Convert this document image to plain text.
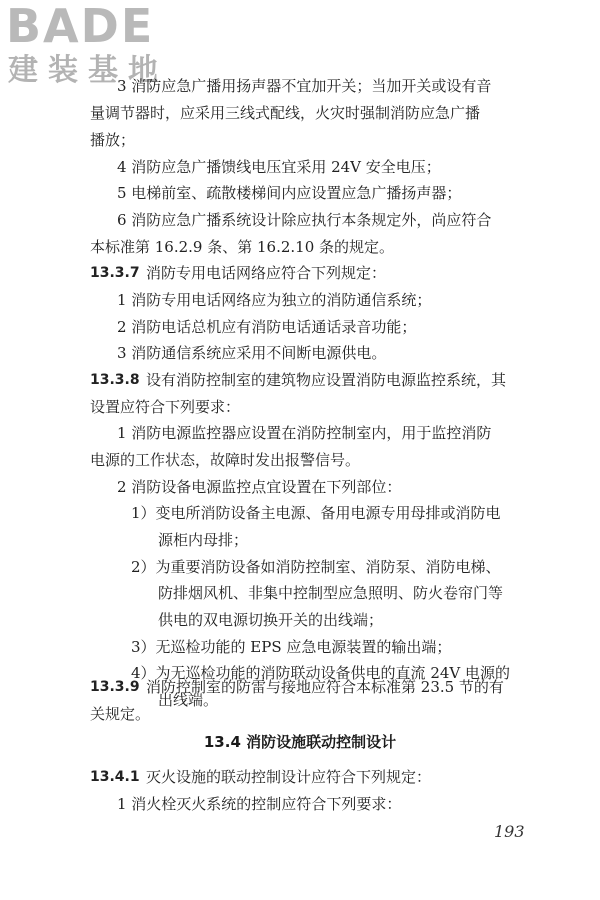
BADE
建装基地
3 消防应急广播用扬声器不宜加开关；当加开关或设有音
量调节器时，应采用三线式配线，火灾时强制消防应急广播
播放；
4 消防应急广播馈线电压宜采用 24V 安全电压；
5 电梯前室、疏散楼梯间内应设置应急广播扬声器；
6 消防应急广播系统设计除应执行本条规定外，尚应符合
本标准第 16.2.9 条、第 16.2.10 条的规定。
13.3.7 消防专用电话网络应符合下列规定：
1 消防专用电话网络应为独立的消防通信系统；
2 消防电话总机应有消防电话通话录音功能；
3 消防通信系统应采用不间断电源供电。
13.3.8 设有消防控制室的建筑物应设置消防电源监控系统，其
设置应符合下列要求：
1 消防电源监控器应设置在消防控制室内，用于监控消防
电源的工作状态，故障时发出报警信号。
2 消防设备电源监控点宜设置在下列部位：
1）变电所消防设备主电源、备用电源专用母排或消防电
源柜内母排；
2）为重要消防设备如消防控制室、消防泵、消防电梯、
防排烟风机、非集中控制型应急照明、防火卷帘门等
供电的双电源切换开关的出线端；
3）无巡检功能的 EPS 应急电源装置的输出端；
4）为无巡检功能的消防联动设备供电的直流 24V 电源的
出线端。
13.3.9 消防控制室的防雷与接地应符合本标准第 23.5 节的有
关规定。
13.4 消防设施联动控制设计
13.4.1 灭火设施的联动控制设计应符合下列规定：
1 消火栓灭火系统的控制应符合下列要求：
193
